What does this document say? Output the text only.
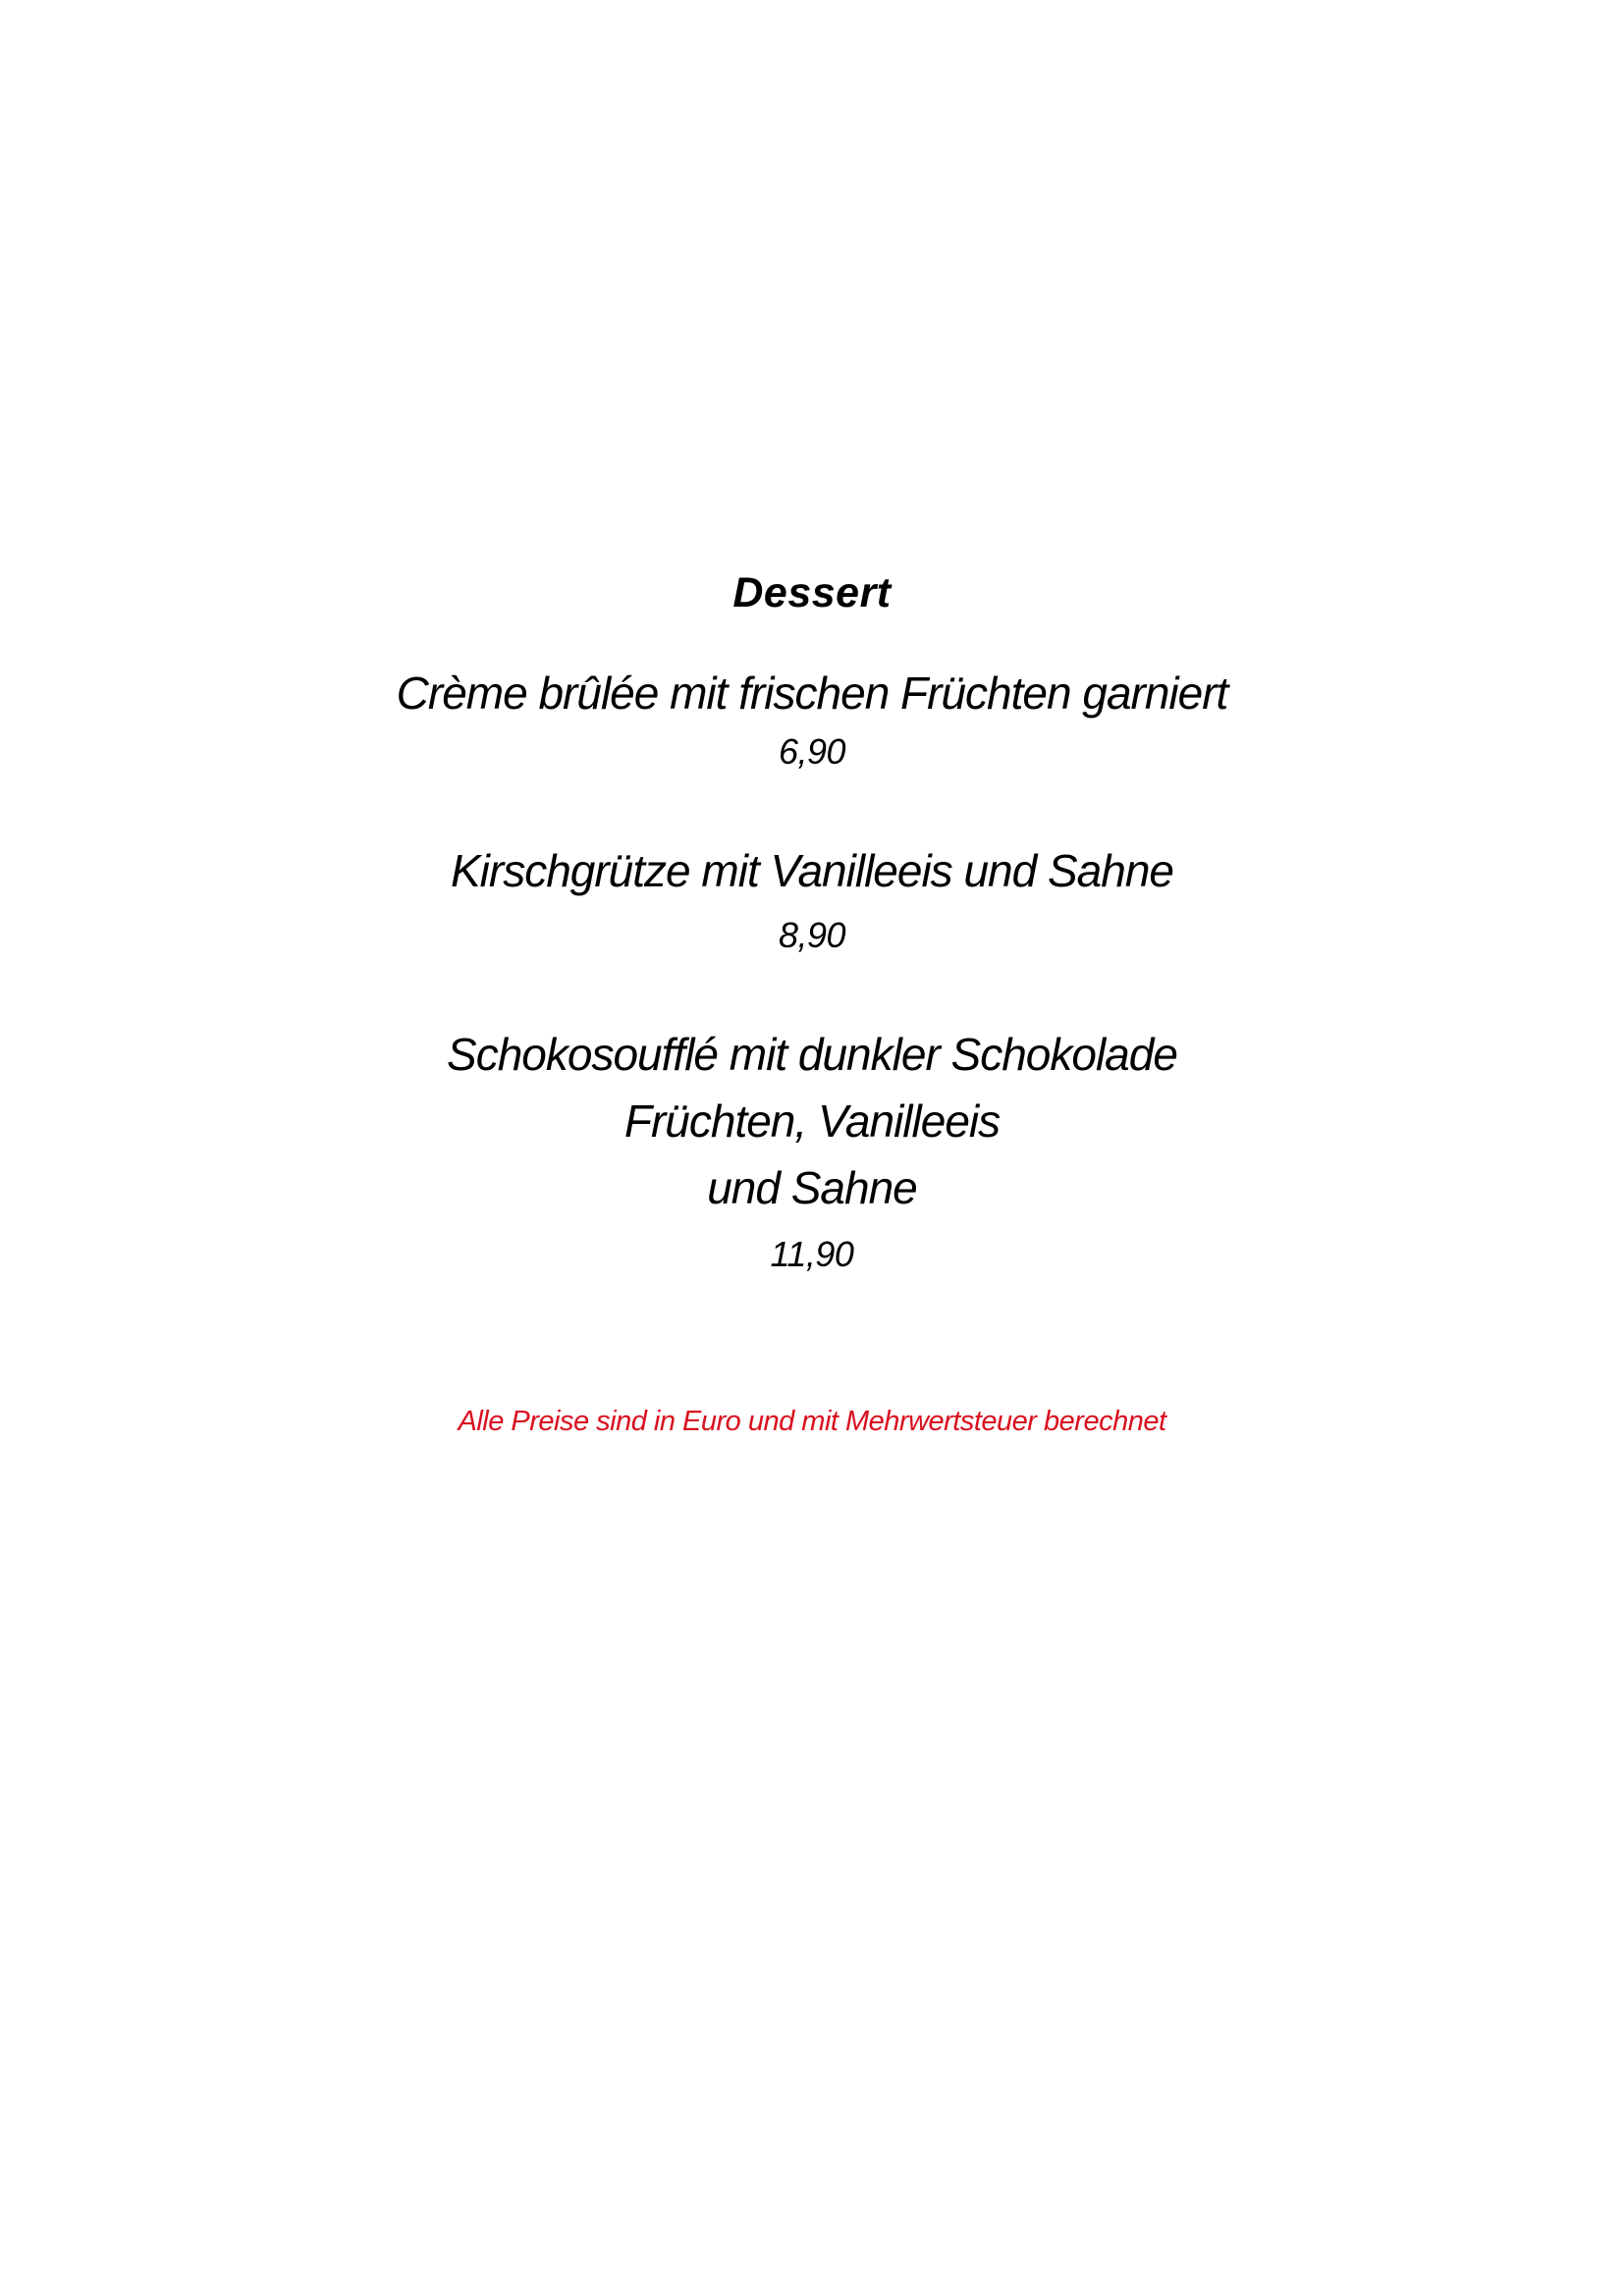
Dessert
Crème brûlée mit frischen Früchten garniert
6,90
Kirschgrütze mit Vanilleeis und Sahne
8,90
Schokosoufflé mit dunkler Schokolade
Früchten, Vanilleeis
und Sahne
11,90
Alle Preise sind in Euro und mit Mehrwertsteuer berechnet
